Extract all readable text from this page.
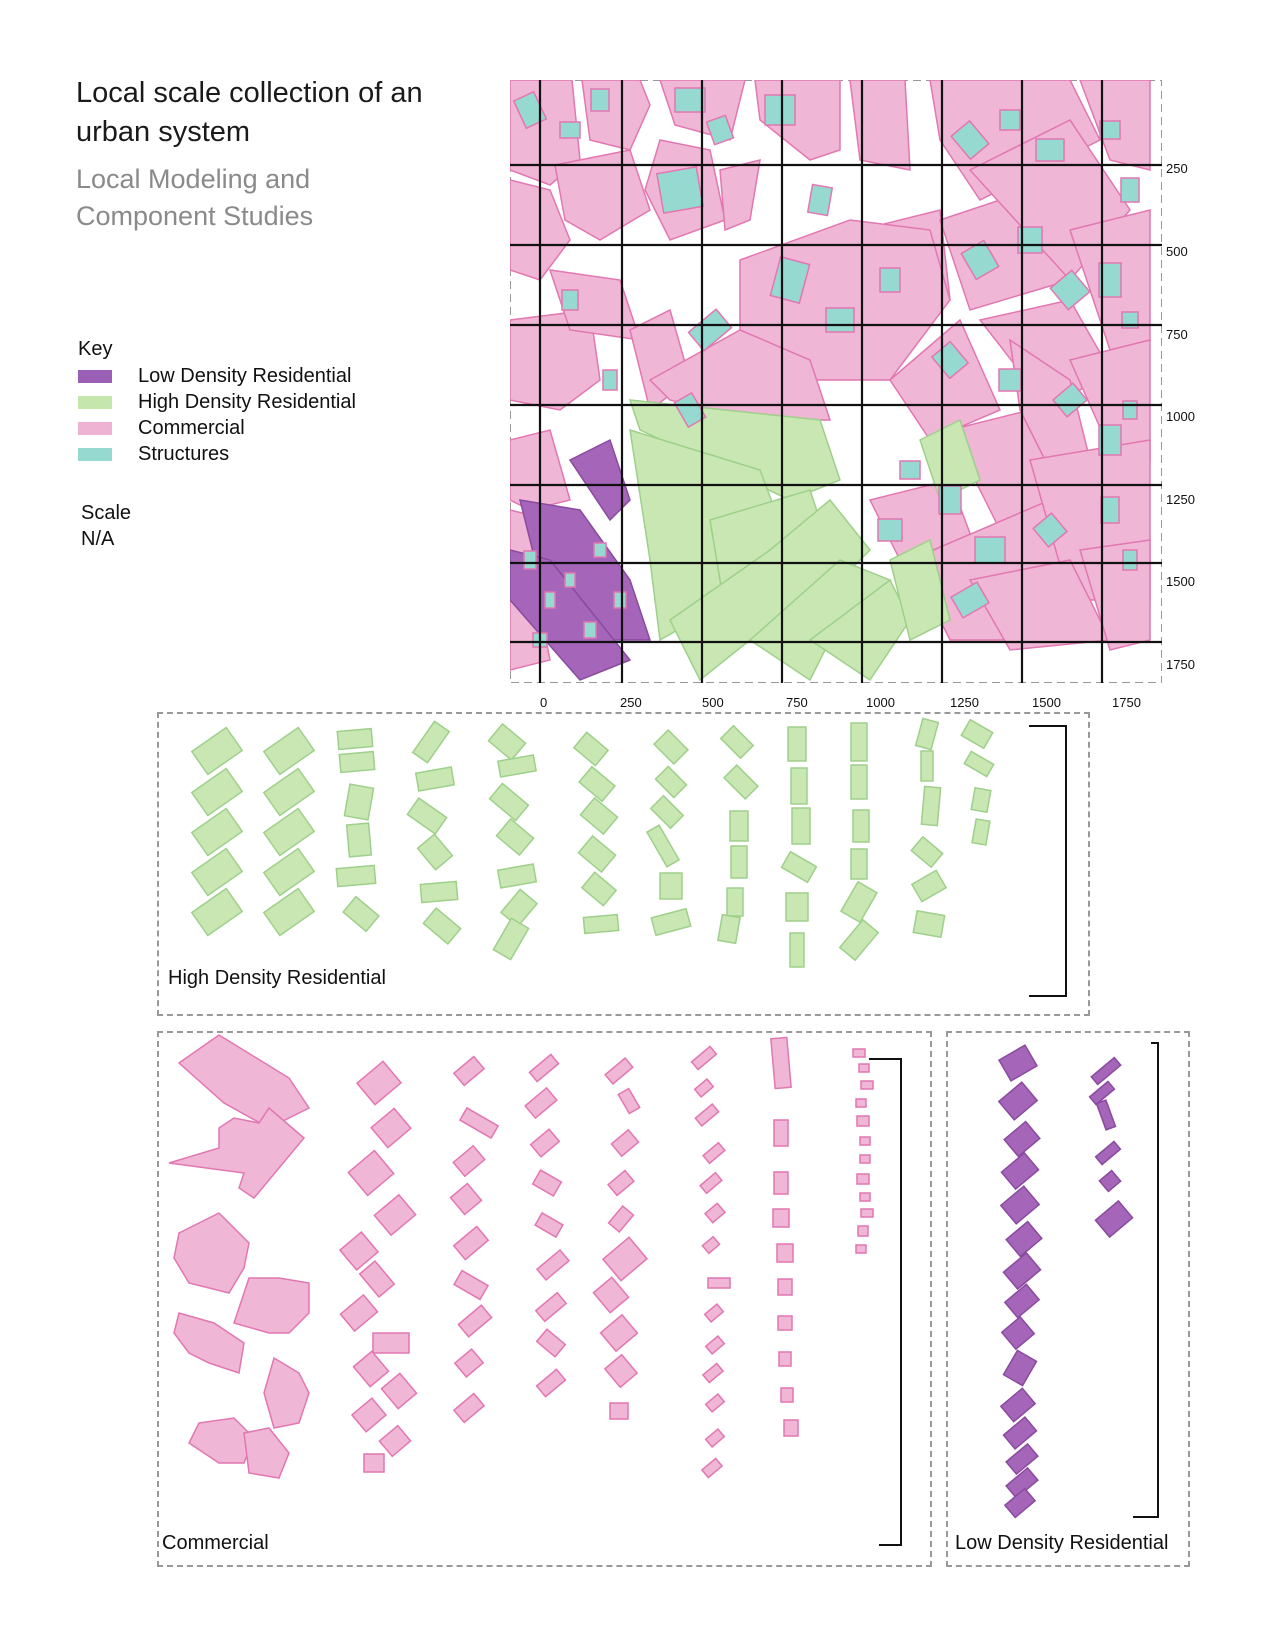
Local scale collection of an urban system
Local Modeling and Component Studies
Key
Low Density Residential
High Density Residential
Commercial
Structures
Scale
N/A
250
500
750
1000
1250
1500
1750
0	250	500	750	1000	1250	1500	1750
High Density Residential
Commercial	Low Density Residential
